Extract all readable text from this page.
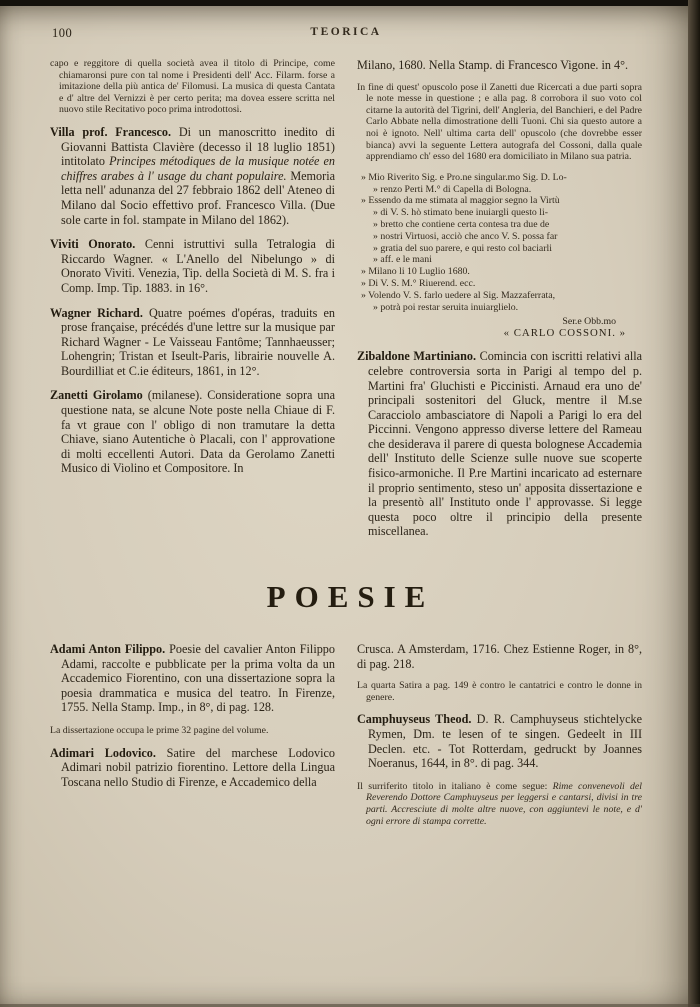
100	TEORICA

capo e reggitore di quella società avea il titolo di Principe, come chiamaronsi pure con tal nome i Presidenti dell' Acc. Filarm. forse a imitazione della più antica de' Filomusi. La musica di questa Cantata e d' altre del Vernizzi è per certo perita; ma dovea essere scritta nel nuovo stile Recitativo poco prima introdottosi.

Villa prof. Francesco. Di un manoscritto inedito di Giovanni Battista Clavière (decesso il 18 luglio 1851) intitolato Principes métodiques de la musique notée en chiffres arabes à l' usage du chant populaire. Memoria letta nell' adunanza del 27 febbraio 1862 dell' Ateneo di Milano dal Socio effettivo prof. Francesco Villa. (Due sole carte in fol. stampate in Milano del 1862).

Viviti Onorato. Cenni istruttivi sulla Tetralogia di Riccardo Wagner. « L'Anello del Nibelungo » di Onorato Viviti. Venezia, Tip. della Società di M. S. fra i Comp. Imp. Tip. 1883. in 16°.

Wagner Richard. Quatre poémes d'opéras, traduits en prose française, précédés d'une lettre sur la musique par Richard Wagner - Le Vaisseau Fantôme; Tannhaeusser; Lohengrin; Tristan et Iseult-Paris, librairie nouvelle A. Bourdilliat et C.ie éditeurs, 1861, in 12°.

Zanetti Girolamo (milanese). Consideratione sopra una questione nata, se alcune Note poste nella Chiaue di F. fa vt graue con l' obligo di non tramutare la detta Chiave, siano Autentiche ò Placali, con l' approvatione di molti eccellenti Autori. Data da Gerolamo Zanetti Musico di Violino et Compositore. In

Milano, 1680. Nella Stamp. di Francesco Vigone. in 4°.

In fine di quest' opuscolo pose il Zanetti due Ricercati a due parti sopra le note messe in questione ; e alla pag. 8 corrobora il suo voto col citarne la autorità del Tigrini, dell' Angleria, del Banchieri, e del Padre Carlo Abbate nella dimostratione delli Tuoni. Chi sia questo autore a noi è ignoto. Nell' ultima carta dell' opuscolo (che dovrebbe esser bianca) avvi la seguente Lettera autografa del Cossoni, dalla quale apprendiamo ch' esso del 1680 era domiciliato in Milano sua patria.

» Mio Riverito Sig. e Pro.ne singular.mo Sig. D. Lo-
» renzo Perti M.° di Capella di Bologna.
» Essendo da me stimata al maggior segno la Virtù
» di V. S. hò stimato bene inuiargli questo li-
» bretto che contiene certa contesa tra due de
» nostri Virtuosi, acciò che anco V. S. possa far
» gratia del suo parere, e qui resto col baciarli
» aff. e le mani
» Milano li 10 Luglio 1680.
» Di V. S. M.° Riuerend. ecc.
» Volendo V. S. farlo uedere al Sig. Mazzaferrata,
» potrà poi restar seruita inuiarglielo.
Ser.e Obb.mo
« CARLO COSSONI. »

Zibaldone Martiniano. Comincia con iscritti relativi alla celebre controversia sorta in Parigi al tempo del p. Martini fra' Gluchisti e Piccinisti. Arnaud era uno de' principali sostenitori del Gluck, mentre il M.se Caracciolo ambasciatore di Napoli a Parigi lo era del Piccinni. Vengono appresso diverse lettere del Rameau che desiderava il parere di questa bolognese Accademia dell' Instituto delle Scienze sulle nuove sue scoperte fisico-armoniche. Il P.re Martini incaricato ad esternare il proprio sentimento, steso un' apposita dissertazione e la presentò all' Instituto onde l' approvasse. Si legge questa poco oltre il principio della presente miscellanea.

POESIE

Adami Anton Filippo. Poesie del cavalier Anton Filippo Adami, raccolte e pubblicate per la prima volta da un Accademico Fiorentino, con una dissertazione sopra la poesia drammatica e musica del teatro. In Firenze, 1755. Nella Stamp. Imp., in 8°, di pag. 128.

La dissertazione occupa le prime 32 pagine del volume.

Adimari Lodovico. Satire del marchese Lodovico Adimari nobil patrizio fiorentino. Lettore della Lingua Toscana nello Studio di Firenze, e Accademico della

Crusca. A Amsterdam, 1716. Chez Estienne Roger, in 8°, di pag. 218.

La quarta Satira a pag. 149 è contro le cantatrici e contro le donne in genere.

Camphuyseus Theod. D. R. Camphuyseus stichtelycke Rymen, Dm. te lesen of te singen. Gedeelt in III Declen. etc. - Tot Rotterdam, gedruckt by Joannes Noeranus, 1644, in 8°. di pag. 344.

Il surriferito titolo in italiano è come segue: Rime convenevoli del Reverendo Dottore Camphuyseus per leggersi e cantarsi, divisi in tre parti. Accresciute di molte altre nuove, con aggiuntevi le note, e d' ogni errore di stampa corrette.
